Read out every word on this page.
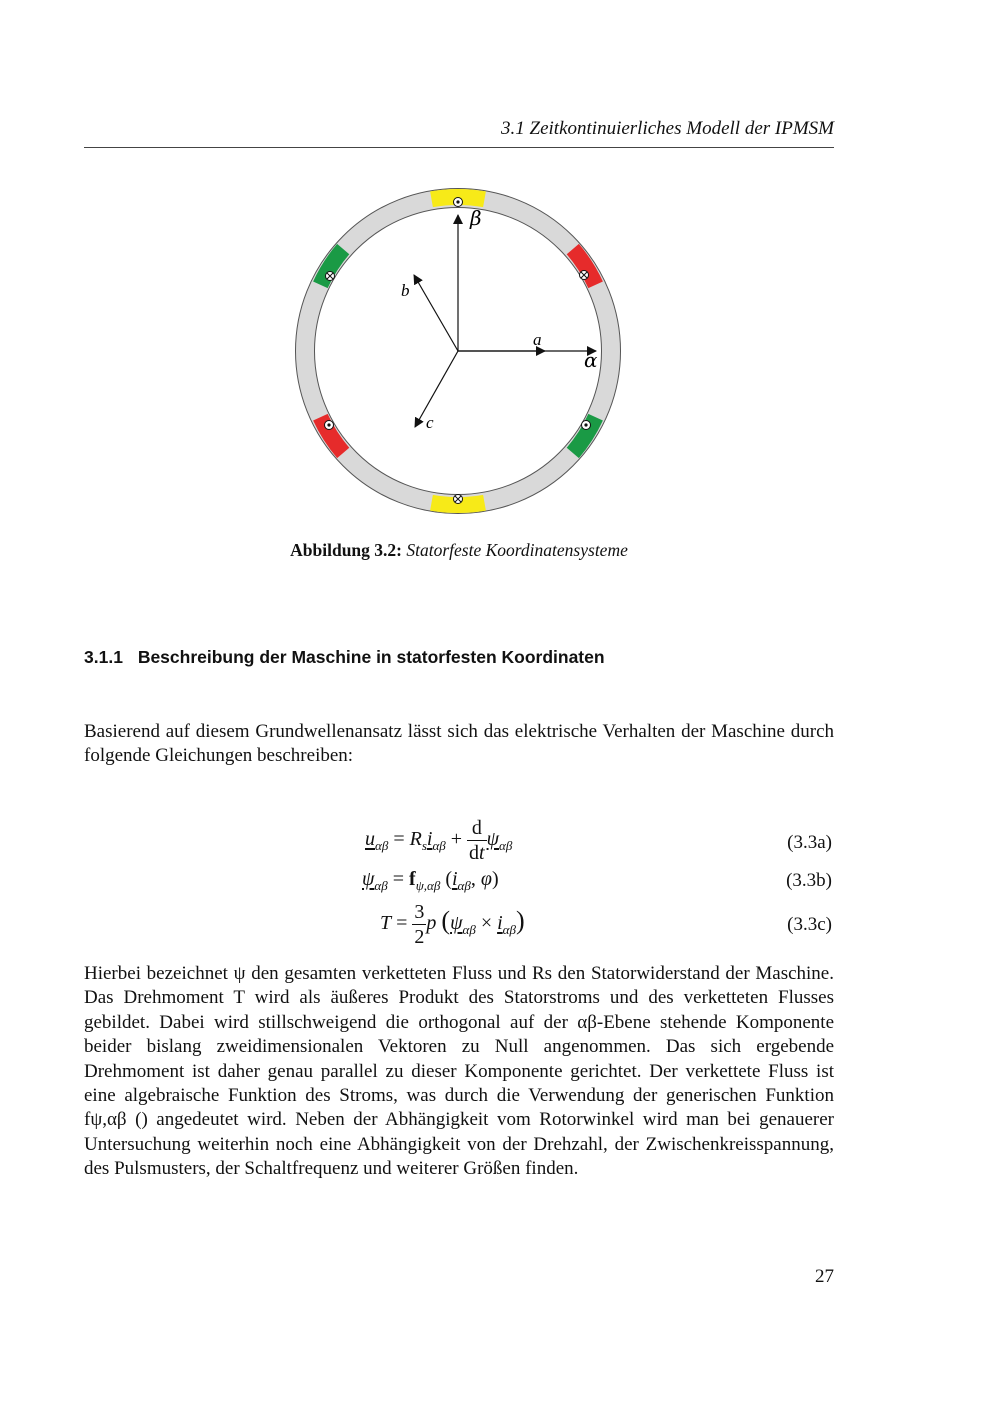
3.1 Zeitkontinuierliches Modell der IPMSM
β
α
a
b
c
Abbildung 3.2: Statorfeste Koordinatensysteme
3.1.1 Beschreibung der Maschine in statorfesten Koordinaten
Basierend auf diesem Grundwellenansatz lässt sich das elektrische Verhalten der Maschine durch folgende Gleichungen beschreiben:
$u_{\alpha\beta} = R_si_{\alpha\beta} + \frac{d}{dt} \psi_{\alpha\beta}$	(3.3a)
$\psi_{\alpha\beta} = f_{\psi,\alpha\beta}$ ($i_{\alpha\beta}$, φ)	(3.3b)
$T = \frac{3}{2}$ p $(\psi_{\alpha\beta} \times i_{\alpha\beta})$	(3.3c)
Hierbei bezeichnet ψ den gesamten verketteten Fluss und Rs den Statorwiderstand der Maschine. Das Drehmoment T wird als äußeres Produkt des Statorstroms und des verketteten Flusses gebildet. Dabei wird stillschweigend die orthogonal auf der αβ-Ebene stehende Komponente beider bislang zweidimensionalen Vektoren zu Null angenommen. Das sich ergebende Drehmoment ist daher genau parallel zu dieser Komponente gerichtet. Der verkettete Fluss ist eine algebraische Funktion des Stroms, was durch die Verwendung der generischen Funktion fψ,αβ () angedeutet wird. Neben der Abhängigkeit vom Rotorwinkel wird man bei genauerer Untersuchung weiterhin noch eine Abhängigkeit von der Drehzahl, der Zwischenkreisspannung, des Pulsmusters, der Schaltfrequenz und weiterer Größen finden.
27
